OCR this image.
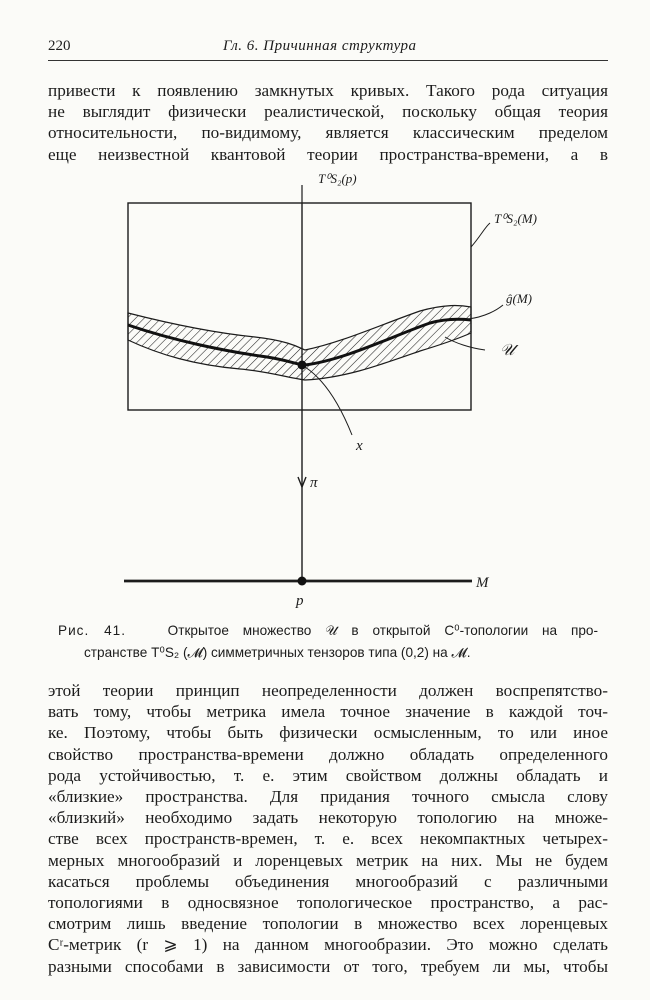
220	Гл. 6. Причинная структура

привести к появлению замкнутых кривых. Такого рода ситуация
не выглядит физически реалистической, поскольку общая теория
относительности, по-видимому, является классическим пределом
еще неизвестной квантовой теории пространства-времени, а в

T⁰S₂(p)
T⁰S₂(M)
ĝ(M)
𝒰
x
π
M
p
Рис. 41.	Открытое множество 𝒰 в открытой C⁰-топологии на про-
странстве T⁰S₂ (𝓜) симметричных тензоров типа (0,2) на 𝓜.

этой теории принцип неопределенности должен воспрепятство-
вать тому, чтобы метрика имела точное значение в каждой точ-
ке. Поэтому, чтобы быть физически осмысленным, то или иное
свойство пространства-времени должно обладать определенного
рода устойчивостью, т. е. этим свойством должны обладать и
«близкие» пространства. Для придания точного смысла слову
«близкий» необходимо задать некоторую топологию на множе-
стве всех пространств-времен, т. е. всех некомпактных четырех-
мерных многообразий и лоренцевых метрик на них. Мы не будем
касаться проблемы объединения многообразий с различными
топологиями в односвязное топологическое пространство, а рас-
смотрим лишь введение топологии в множество всех лоренцевых
Cʳ-метрик (r ⩾ 1) на данном многообразии. Это можно сделать
разными способами в зависимости от того, требуем ли мы, чтобы
